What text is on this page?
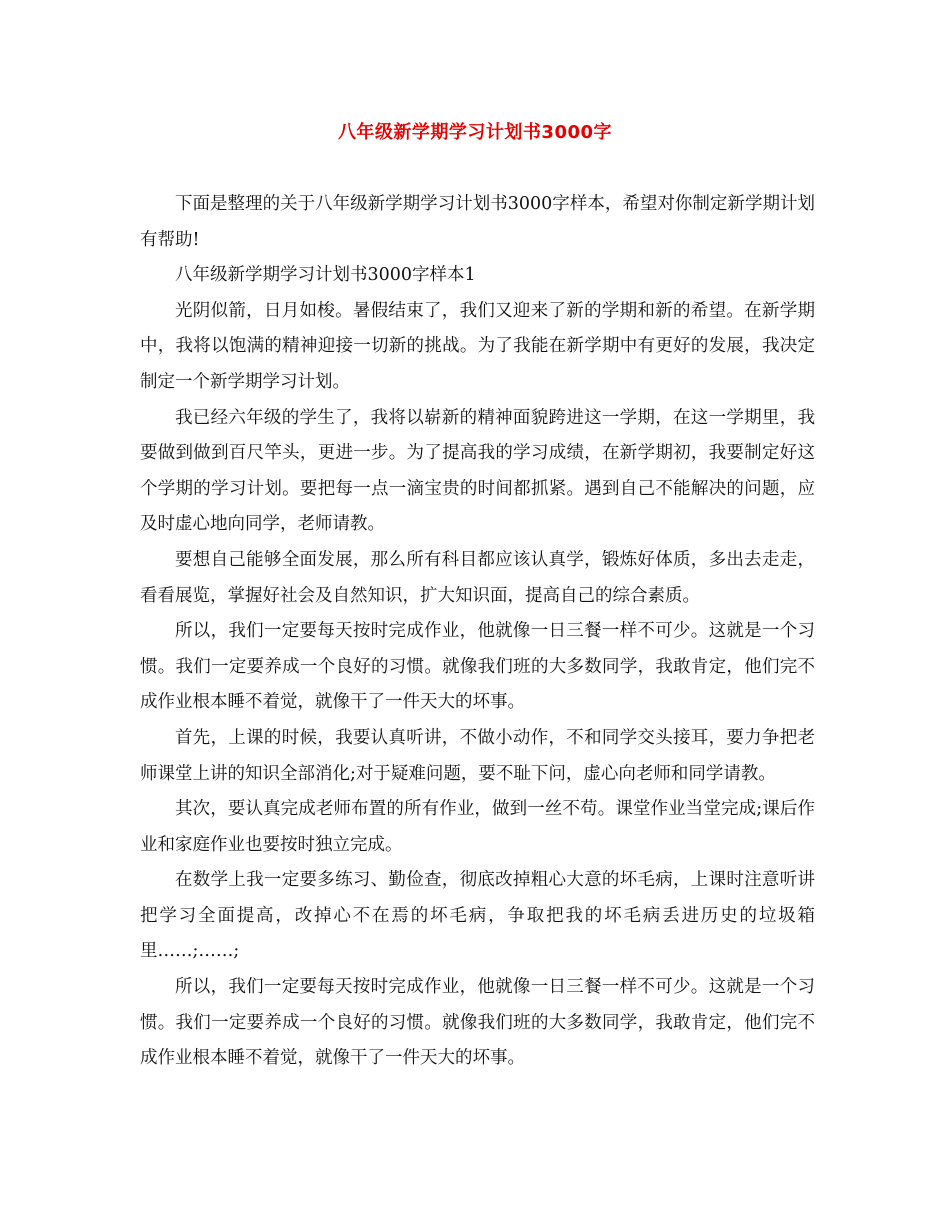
八年级新学期学习计划书3000字

下面是整理的关于八年级新学期学习计划书3000字样本，希望对你制定新学期计划有帮助!

八年级新学期学习计划书3000字样本1

光阴似箭，日月如梭。暑假结束了，我们又迎来了新的学期和新的希望。在新学期中，我将以饱满的精神迎接一切新的挑战。为了我能在新学期中有更好的发展，我决定制定一个新学期学习计划。

我已经六年级的学生了，我将以崭新的精神面貌跨进这一学期，在这一学期里，我要做到做到百尺竿头，更进一步。为了提高我的学习成绩，在新学期初，我要制定好这个学期的学习计划。要把每一点一滴宝贵的时间都抓紧。遇到自己不能解决的问题，应及时虚心地向同学，老师请教。

要想自己能够全面发展，那么所有科目都应该认真学，锻炼好体质，多出去走走，看看展览，掌握好社会及自然知识，扩大知识面，提高自己的综合素质。

所以，我们一定要每天按时完成作业，他就像一日三餐一样不可少。这就是一个习惯。我们一定要养成一个良好的习惯。就像我们班的大多数同学，我敢肯定，他们完不成作业根本睡不着觉，就像干了一件天大的坏事。

首先，上课的时候，我要认真听讲，不做小动作，不和同学交头接耳，要力争把老师课堂上讲的知识全部消化;对于疑难问题，要不耻下问，虚心向老师和同学请教。

其次，要认真完成老师布置的所有作业，做到一丝不苟。课堂作业当堂完成;课后作业和家庭作业也要按时独立完成。

在数学上我一定要多练习、勤俭查，彻底改掉粗心大意的坏毛病，上课时注意听讲把学习全面提高，改掉心不在焉的坏毛病，争取把我的坏毛病丢进历史的垃圾箱里……;……;

所以，我们一定要每天按时完成作业，他就像一日三餐一样不可少。这就是一个习惯。我们一定要养成一个良好的习惯。就像我们班的大多数同学，我敢肯定，他们完不成作业根本睡不着觉，就像干了一件天大的坏事。
